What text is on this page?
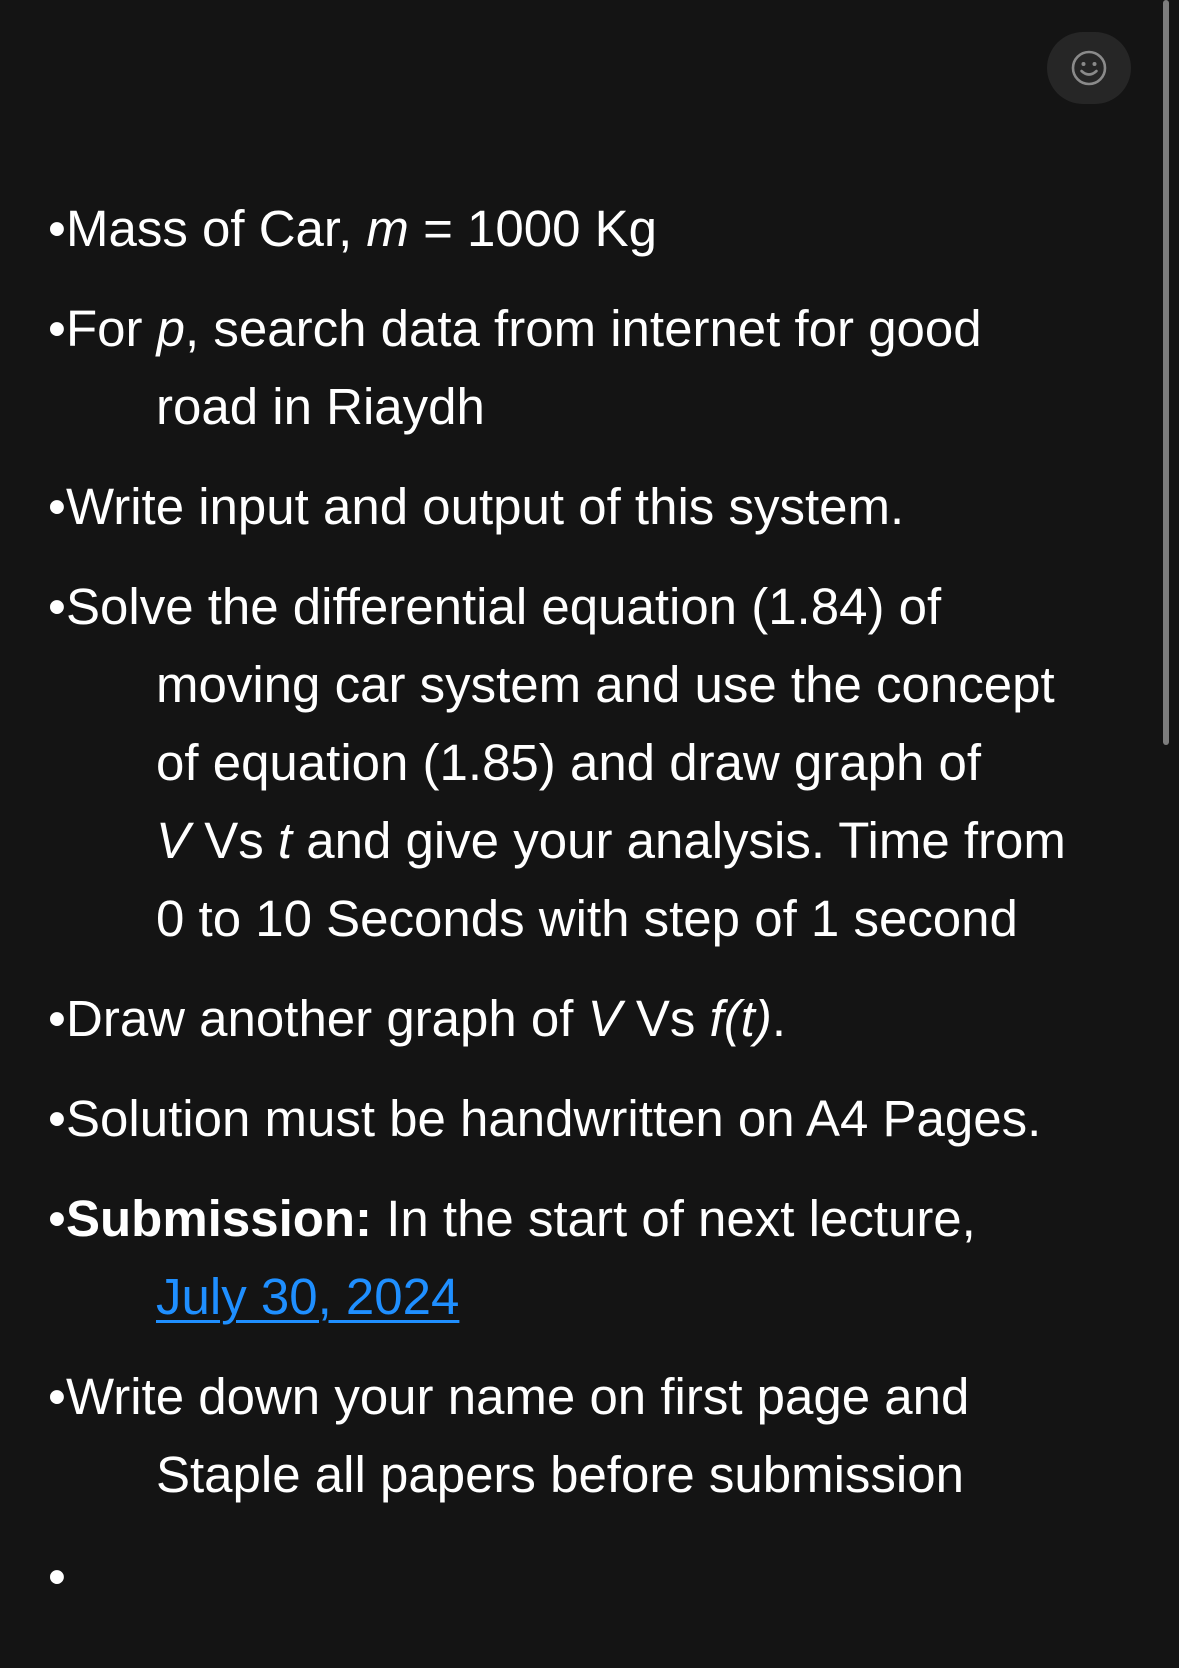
• Mass of Car, m = 1000 Kg
• For p, search data from internet for good
road in Riaydh
• Write input and output of this system.
• Solve the differential equation (1.84) of
moving car system and use the concept
of equation (1.85) and draw graph of
V Vs t and give your analysis. Time from
0 to 10 Seconds with step of 1 second
• Draw another graph of V Vs f(t).
• Solution must be handwritten on A4 Pages.
• Submission: In the start of next lecture,
July 30, 2024
• Write down your name on first page and
Staple all papers before submission
•
